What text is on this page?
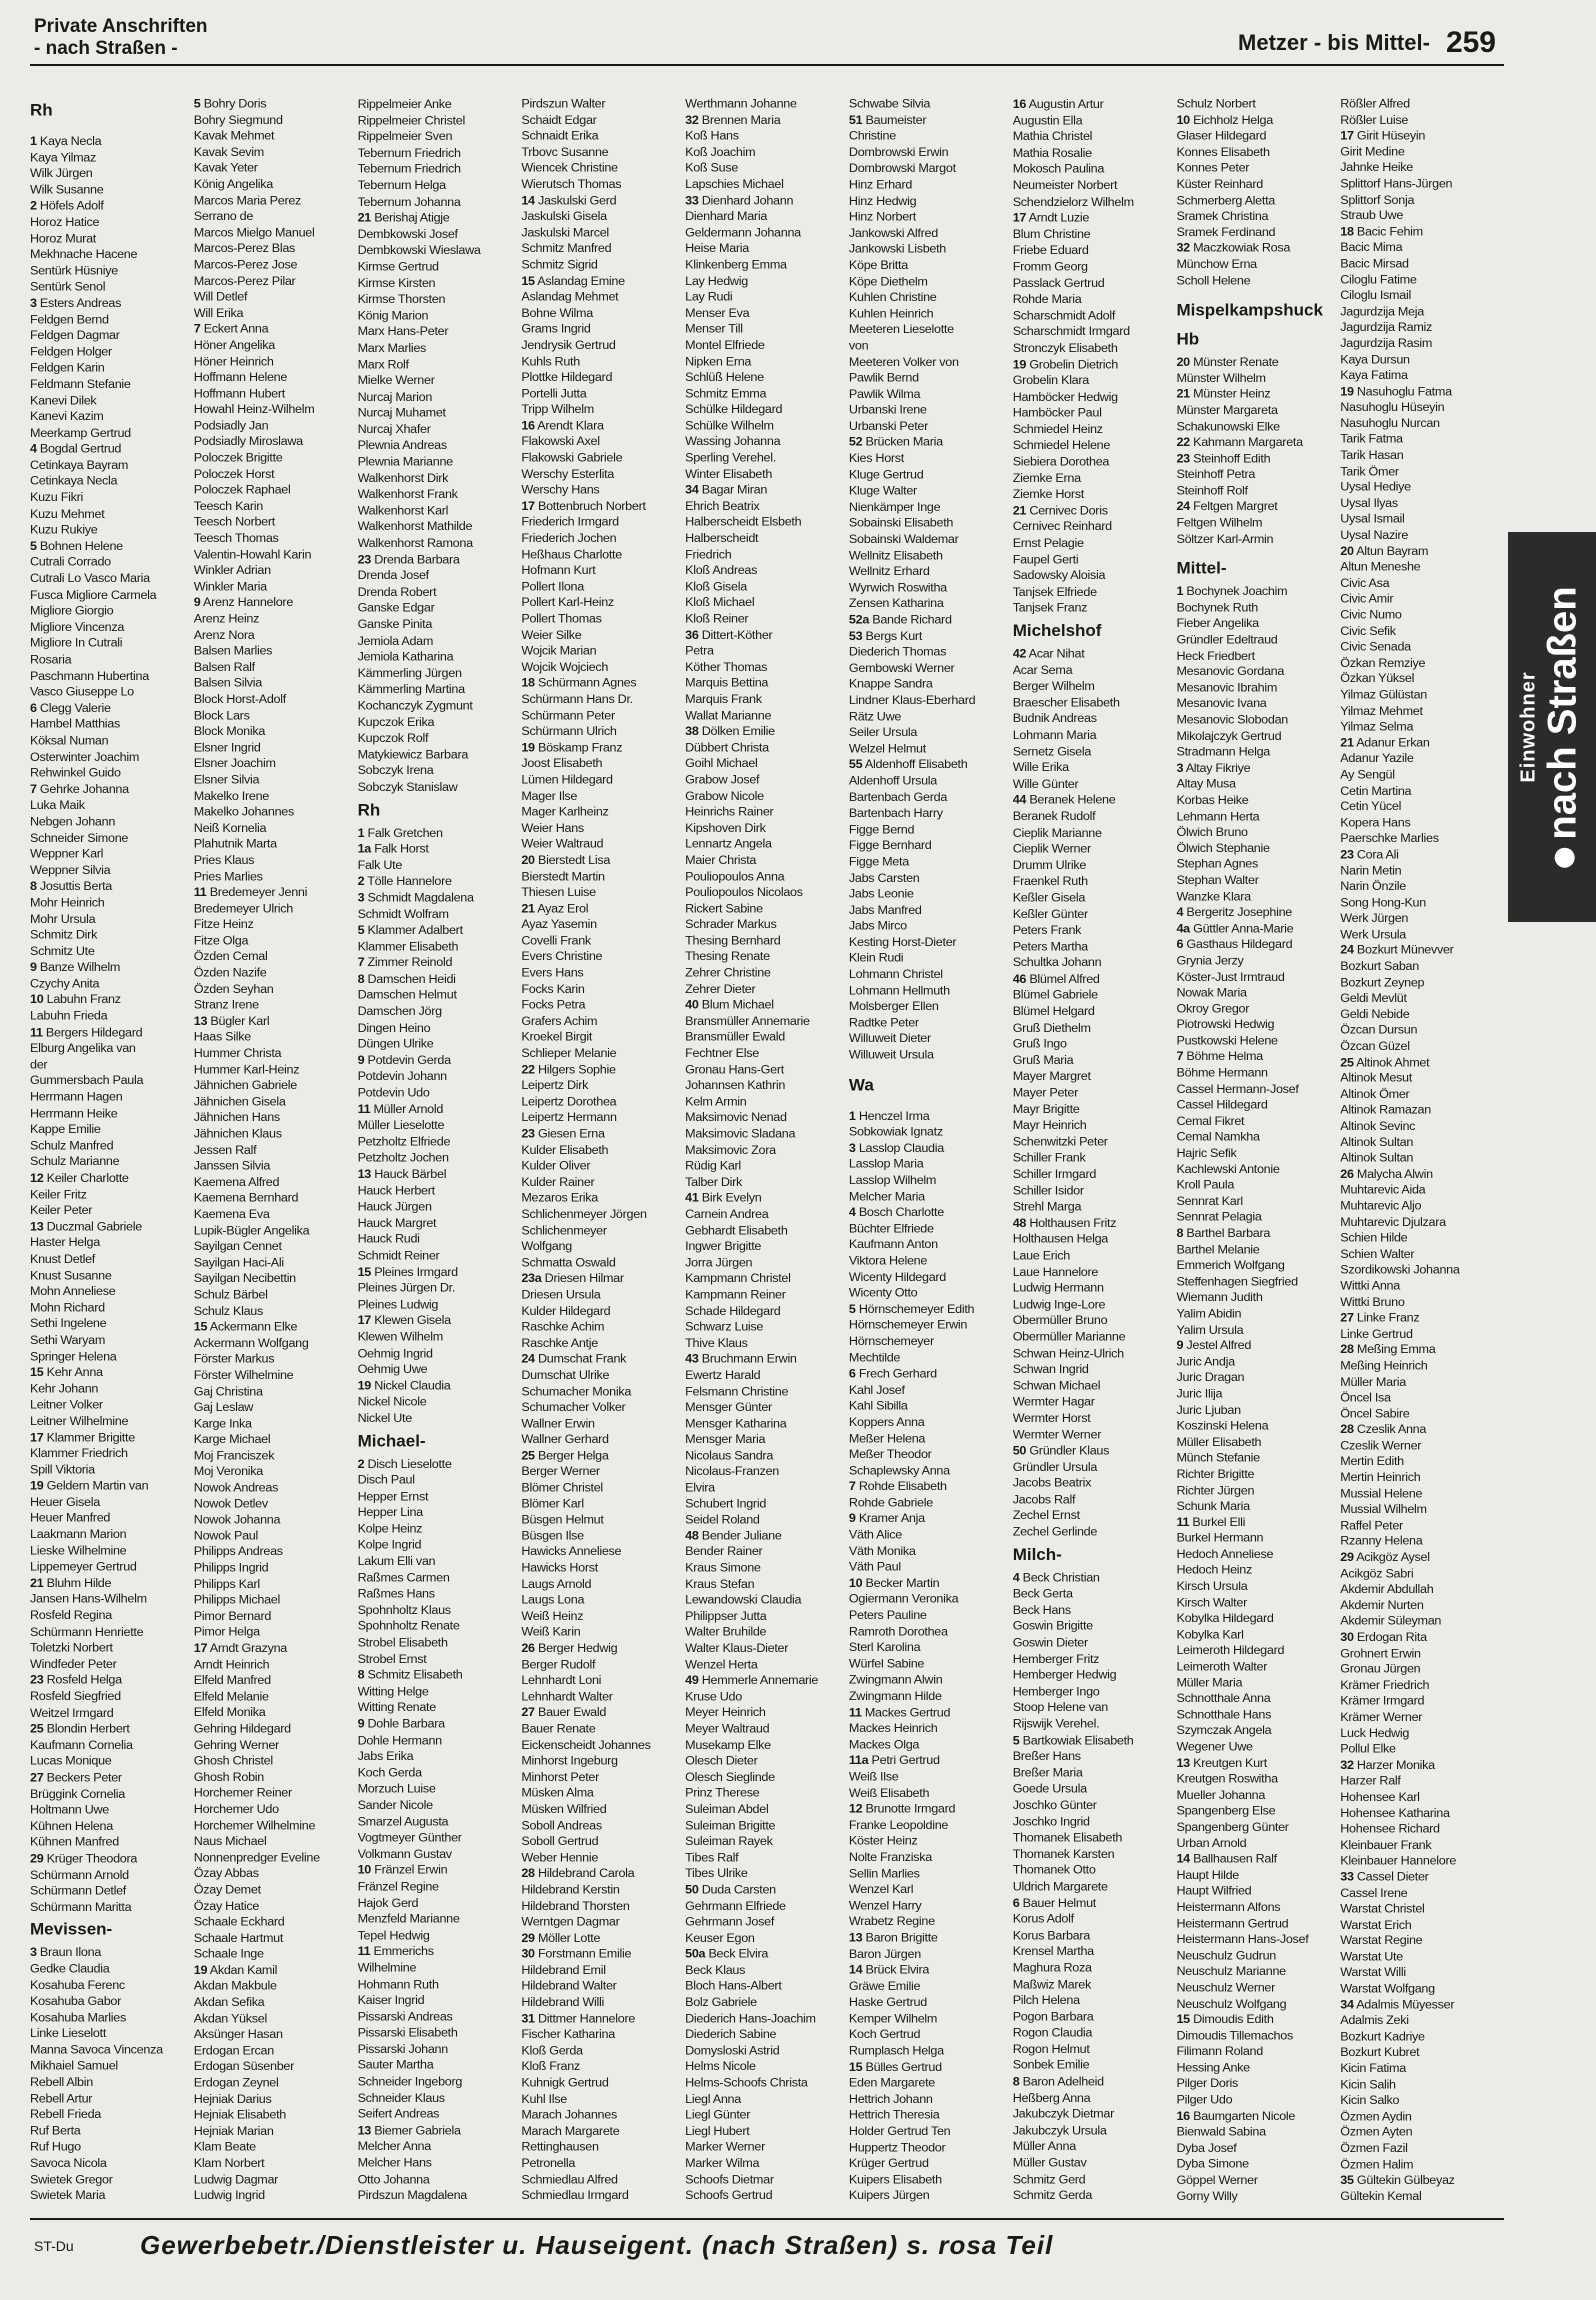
Private Anschriften
- nach Straßen -	Metzer - bis Mittel- 259
Rh
1 Kaya Necla
Kaya Yilmaz
Wilk Jürgen
Wilk Susanne
2 Höfels Adolf
Horoz Hatice
Horoz Murat
Mekhnache Hacene
Sentürk Hüsniye
Sentürk Senol
3 Esters Andreas
Feldgen Bernd
Feldgen Dagmar
Feldgen Holger
Feldgen Karin
Feldmann Stefanie
Kanevi Dilek
Kanevi Kazim
Meerkamp Gertrud
4 Bogdal Gertrud
Cetinkaya Bayram
Cetinkaya Necla
Kuzu Fikri
Kuzu Mehmet
Kuzu Rukiye
5 Bohnen Helene
Cutrali Corrado
Cutrali Lo Vasco Maria
Fusca Migliore Carmela
Migliore Giorgio
Migliore Vincenza
Migliore In Cutrali
Rosaria
Paschmann Hubertina
Vasco Giuseppe Lo
6 Clegg Valerie
Hambel Matthias
Köksal Numan
Osterwinter Joachim
Rehwinkel Guido
7 Gehrke Johanna
Luka Maik
Nebgen Johann
Schneider Simone
Weppner Karl
Weppner Silvia
8 Josuttis Berta
Mohr Heinrich
Mohr Ursula
Schmitz Dirk
Schmitz Ute
9 Banze Wilhelm
Czychy Anita
10 Labuhn Franz
Labuhn Frieda
11 Bergers Hildegard
Elburg Angelika van
der
Gummersbach Paula
Herrmann Hagen
Herrmann Heike
Kappe Emilie
Schulz Manfred
Schulz Marianne
12 Keiler Charlotte
Keiler Fritz
Keiler Peter
13 Duczmal Gabriele
Haster Helga
Knust Detlef
Knust Susanne
Mohn Anneliese
Mohn Richard
Sethi Ingelene
Sethi Waryam
Springer Helena
15 Kehr Anna
Kehr Johann
Leitner Volker
Leitner Wilhelmine
17 Klammer Brigitte
Klammer Friedrich
Spill Viktoria
19 Geldern Martin van
Heuer Gisela
Heuer Manfred
Laakmann Marion
Lieske Wilhelmine
Lippemeyer Gertrud
21 Bluhm Hilde
Jansen Hans-Wilhelm
Rosfeld Regina
Schürmann Henriette
Toletzki Norbert
Windfeder Peter
23 Rosfeld Helga
Rosfeld Siegfried
Weitzel Irmgard
25 Blondin Herbert
Kaufmann Cornelia
Lucas Monique
27 Beckers Peter
Brüggink Cornelia
Holtmann Uwe
Kühnen Helena
Kühnen Manfred
29 Krüger Theodora
Schürmann Arnold
Schürmann Detlef
Schürmann Maritta
Mevissen-
3 Braun Ilona
Gedke Claudia
Kosahuba Ferenc
Kosahuba Gabor
Kosahuba Marlies
Linke Lieselott
Manna Savoca Vincenza
Mikhaiel Samuel
Rebell Albin
Rebell Artur
Rebell Frieda
Ruf Berta
Ruf Hugo
Savoca Nicola
Swietek Gregor
Swietek Maria
5 Bohry Doris
Bohry Siegmund
Kavak Mehmet
Kavak Sevim
Kavak Yeter
König Angelika
Marcos Maria Perez
Serrano de
Marcos Mielgo Manuel
Marcos-Perez Blas
Marcos-Perez Jose
Marcos-Perez Pilar
Will Detlef
Will Erika
7 Eckert Anna
Höner Angelika
Höner Heinrich
Hoffmann Helene
Hoffmann Hubert
Howahl Heinz-Wilhelm
Podsiadly Jan
Podsiadly Miroslawa
Poloczek Brigitte
Poloczek Horst
Poloczek Raphael
Teesch Karin
Teesch Norbert
Teesch Thomas
Valentin-Howahl Karin
Winkler Adrian
Winkler Maria
9 Arenz Hannelore
Arenz Heinz
Arenz Nora
Balsen Marlies
Balsen Ralf
Balsen Silvia
Block Horst-Adolf
Block Lars
Block Monika
Elsner Ingrid
Elsner Joachim
Elsner Silvia
Makelko Irene
Makelko Johannes
Neiß Kornelia
Plahutnik Marta
Pries Klaus
Pries Marlies
11 Bredemeyer Jenni
Bredemeyer Ulrich
Fitze Heinz
Fitze Olga
Özden Cemal
Özden Nazife
Özden Seyhan
Stranz Irene
13 Bügler Karl
Haas Silke
Hummer Christa
Hummer Karl-Heinz
Jähnichen Gabriele
Jähnichen Gisela
Jähnichen Hans
Jähnichen Klaus
Jessen Ralf
Janssen Silvia
Kaemena Alfred
Kaemena Bernhard
Kaemena Eva
Lupik-Bügler Angelika
Sayilgan Cennet
Sayilgan Haci-Ali
Sayilgan Necibettin
Schulz Bärbel
Schulz Klaus
15 Ackermann Elke
Ackermann Wolfgang
Förster Markus
Förster Wilhelmine
Gaj Christina
Gaj Leslaw
Karge Inka
Karge Michael
Moj Franciszek
Moj Veronika
Nowok Andreas
Nowok Detlev
Nowok Johanna
Nowok Paul
Philipps Andreas
Philipps Ingrid
Philipps Karl
Philipps Michael
Pimor Bernard
Pimor Helga
17 Arndt Grazyna
Arndt Heinrich
Elfeld Manfred
Elfeld Melanie
Elfeld Monika
Gehring Hildegard
Gehring Werner
Ghosh Christel
Ghosh Robin
Horchemer Reiner
Horchemer Udo
Horchemer Wilhelmine
Naus Michael
Nonnenpredger Eveline
Özay Abbas
Özay Demet
Özay Hatice
Schaale Eckhard
Schaale Hartmut
Schaale Inge
19 Akdan Kamil
Akdan Makbule
Akdan Sefika
Akdan Yüksel
Aksünger Hasan
Erdogan Ercan
Erdogan Süsenber
Erdogan Zeynel
Hejniak Darius
Hejniak Elisabeth
Hejniak Marian
Klam Beate
Klam Norbert
Ludwig Dagmar
Ludwig Ingrid
Rippelmeier Anke
Rippelmeier Christel
Rippelmeier Sven
Tebernum Friedrich
Tebernum Friedrich
Tebernum Helga
Tebernum Johanna
21 Berishaj Atigje
Dembkowski Josef
Dembkowski Wieslawa
Kirmse Gertrud
Kirmse Kirsten
Kirmse Thorsten
König Marion
Marx Hans-Peter
Marx Marlies
Marx Rolf
Mielke Werner
Nurcaj Marion
Nurcaj Muhamet
Nurcaj Xhafer
Plewnia Andreas
Plewnia Marianne
Walkenhorst Dirk
Walkenhorst Frank
Walkenhorst Karl
Walkenhorst Mathilde
Walkenhorst Ramona
23 Drenda Barbara
Drenda Josef
Drenda Robert
Ganske Edgar
Ganske Pinita
Jemiola Adam
Jemiola Katharina
Kämmerling Jürgen
Kämmerling Martina
Kochanczyk Zygmunt
Kupczok Erika
Kupczok Rolf
Matykiewicz Barbara
Sobczyk Irena
Sobczyk Stanislaw
Rh
1 Falk Gretchen
1a Falk Horst
Falk Ute
2 Tölle Hannelore
3 Schmidt Magdalena
Schmidt Wolfram
5 Klammer Adalbert
Klammer Elisabeth
7 Zimmer Reinold
8 Damschen Heidi
Damschen Helmut
Damschen Jörg
Dingen Heino
Düngen Ulrike
9 Potdevin Gerda
Potdevin Johann
Potdevin Udo
11 Müller Arnold
Müller Lieselotte
Petzholtz Elfriede
Petzholtz Jochen
13 Hauck Bärbel
Hauck Herbert
Hauck Jürgen
Hauck Margret
Hauck Rudi
Schmidt Reiner
15 Pleines Irmgard
Pleines Jürgen Dr.
Pleines Ludwig
17 Klewen Gisela
Klewen Wilhelm
Oehmig Ingrid
Oehmig Uwe
19 Nickel Claudia
Nickel Nicole
Nickel Ute
Michael-
2 Disch Lieselotte
Disch Paul
Hepper Ernst
Hepper Lina
Kolpe Heinz
Kolpe Ingrid
Lakum Elli van
Raßmes Carmen
Raßmes Hans
Spohnholtz Klaus
Spohnholtz Renate
Strobel Elisabeth
Strobel Ernst
8 Schmitz Elisabeth
Witting Helge
Witting Renate
9 Dohle Barbara
Dohle Hermann
Jabs Erika
Koch Gerda
Morzuch Luise
Sander Nicole
Smarzel Augusta
Vogtmeyer Günther
Volkmann Gustav
10 Fränzel Erwin
Fränzel Regine
Hajok Gerd
Menzfeld Marianne
Tepel Hedwig
11 Emmerichs
Wilhelmine
Hohmann Ruth
Kaiser Ingrid
Pissarski Andreas
Pissarski Elisabeth
Pissarski Johann
Sauter Martha
Schneider Ingeborg
Schneider Klaus
Seifert Andreas
13 Biemer Gabriela
Melcher Anna
Melcher Hans
Otto Johanna
Pirdszun Magdalena
Pirdszun Walter
Schaidt Edgar
Schnaidt Erika
Trbovc Susanne
Wiencek Christine
Wierutsch Thomas
14 Jaskulski Gerd
Jaskulski Gisela
Jaskulski Marcel
Schmitz Manfred
Schmitz Sigrid
15 Aslandag Emine
Aslandag Mehmet
Bohne Wilma
Grams Ingrid
Jendrysik Gertrud
Kuhls Ruth
Plottke Hildegard
Portelli Jutta
Tripp Wilhelm
16 Arendt Klara
Flakowski Axel
Flakowski Gabriele
Werschy Esterlita
Werschy Hans
17 Bottenbruch Norbert
Friederich Irmgard
Friederich Jochen
Heßhaus Charlotte
Hofmann Kurt
Pollert Ilona
Pollert Karl-Heinz
Pollert Thomas
Weier Silke
Wojcik Marian
Wojcik Wojciech
18 Schürmann Agnes
Schürmann Hans Dr.
Schürmann Peter
Schürmann Ulrich
19 Böskamp Franz
Joost Elisabeth
Lümen Hildegard
Mager Ilse
Mager Karlheinz
Weier Hans
Weier Waltraud
20 Bierstedt Lisa
Bierstedt Martin
Thiesen Luise
21 Ayaz Erol
Ayaz Yasemin
Covelli Frank
Evers Christine
Evers Hans
Focks Karin
Focks Petra
Grafers Achim
Kroekel Birgit
Schlieper Melanie
22 Hilgers Sophie
Leipertz Dirk
Leipertz Dorothea
Leipertz Hermann
23 Giesen Erna
Kulder Elisabeth
Kulder Oliver
Kulder Rainer
Mezaros Erika
Schlichenmeyer Jörgen
Schlichenmeyer
Wolfgang
Schmatta Oswald
23a Driesen Hilmar
Driesen Ursula
Kulder Hildegard
Raschke Achim
Raschke Antje
24 Dumschat Frank
Dumschat Ulrike
Schumacher Monika
Schumacher Volker
Wallner Erwin
Wallner Gerhard
25 Berger Helga
Berger Werner
Blömer Christel
Blömer Karl
Büsgen Helmut
Büsgen Ilse
Hawicks Anneliese
Hawicks Horst
Laugs Arnold
Laugs Lona
Weiß Heinz
Weiß Karin
26 Berger Hedwig
Berger Rudolf
Lehnhardt Loni
Lehnhardt Walter
27 Bauer Ewald
Bauer Renate
Eickenscheidt Johannes
Minhorst Ingeburg
Minhorst Peter
Müsken Alma
Müsken Wilfried
Soboll Andreas
Soboll Gertrud
Weber Hennie
28 Hildebrand Carola
Hildebrand Kerstin
Hildebrand Thorsten
Werntgen Dagmar
29 Möller Lotte
30 Forstmann Emilie
Hildebrand Emil
Hildebrand Walter
Hildebrand Willi
31 Dittmer Hannelore
Fischer Katharina
Kloß Gerda
Kloß Franz
Kuhnigk Gertrud
Kuhl Ilse
Marach Johannes
Marach Margarete
Rettinghausen
Petronella
Schmiedlau Alfred
Schmiedlau Irmgard
Werthmann Johanne
32 Brennen Maria
Koß Hans
Koß Joachim
Koß Suse
Lapschies Michael
33 Dienhard Johann
Dienhard Maria
Geldermann Johanna
Heise Maria
Klinkenberg Emma
Lay Hedwig
Lay Rudi
Menser Eva
Menser Till
Montel Elfriede
Nipken Erna
Schlüß Helene
Schmitz Emma
Schülke Hildegard
Schülke Wilhelm
Wassing Johanna
Sperling Verehel.
Winter Elisabeth
34 Bagar Miran
Ehrich Beatrix
Halberscheidt Elsbeth
Halberscheidt
Friedrich
Kloß Andreas
Kloß Gisela
Kloß Michael
Kloß Reiner
36 Dittert-Köther
Petra
Köther Thomas
Marquis Bettina
Marquis Frank
Wallat Marianne
38 Dölken Emilie
Dübbert Christa
Goihl Michael
Grabow Josef
Grabow Nicole
Heinrichs Rainer
Kipshoven Dirk
Lennartz Angela
Maier Christa
Pouliopoulos Anna
Pouliopoulos Nicolaos
Rickert Sabine
Schrader Markus
Thesing Bernhard
Thesing Renate
Zehrer Christine
Zehrer Dieter
40 Blum Michael
Bransmüller Annemarie
Bransmüller Ewald
Fechtner Else
Gronau Hans-Gert
Johannsen Kathrin
Kelm Armin
Maksimovic Nenad
Maksimovic Sladana
Maksimovic Zora
Rüdig Karl
Talber Dirk
41 Birk Evelyn
Carnein Andrea
Gebhardt Elisabeth
Ingwer Brigitte
Jorra Jürgen
Kampmann Christel
Kampmann Reiner
Schade Hildegard
Schwarz Luise
Thive Klaus
43 Bruchmann Erwin
Ewertz Harald
Felsmann Christine
Mensger Günter
Mensger Katharina
Mensger Maria
Nicolaus Sandra
Nicolaus-Franzen
Elvira
Schubert Ingrid
Seidel Roland
48 Bender Juliane
Bender Rainer
Kraus Simone
Kraus Stefan
Lewandowski Claudia
Philippser Jutta
Walter Bruhilde
Walter Klaus-Dieter
Wenzel Herta
49 Hemmerle Annemarie
Kruse Udo
Meyer Heinrich
Meyer Waltraud
Musekamp Elke
Olesch Dieter
Olesch Sieglinde
Prinz Therese
Suleiman Abdel
Suleiman Brigitte
Suleiman Rayek
Tibes Ralf
Tibes Ulrike
50 Duda Carsten
Gehrmann Elfriede
Gehrmann Josef
Keuser Egon
50a Beck Elvira
Beck Klaus
Bloch Hans-Albert
Bolz Gabriele
Diederich Hans-Joachim
Diederich Sabine
Domysloski Astrid
Helms Nicole
Helms-Schoofs Christa
Liegl Anna
Liegl Günter
Liegl Hubert
Marker Werner
Marker Wilma
Schoofs Dietmar
Schoofs Gertrud
Schwabe Silvia
51 Baumeister
Christine
Dombrowski Erwin
Dombrowski Margot
Hinz Erhard
Hinz Hedwig
Hinz Norbert
Jankowski Alfred
Jankowski Lisbeth
Köpe Britta
Köpe Diethelm
Kuhlen Christine
Kuhlen Heinrich
Meeteren Lieselotte
von
Meeteren Volker von
Pawlik Bernd
Pawlik Wilma
Urbanski Irene
Urbanski Peter
52 Brücken Maria
Kies Horst
Kluge Gertrud
Kluge Walter
Nienkämper Inge
Sobainski Elisabeth
Sobainski Waldemar
Wellnitz Elisabeth
Wellnitz Erhard
Wyrwich Roswitha
Zensen Katharina
52a Bande Richard
53 Bergs Kurt
Diederich Thomas
Gembowski Werner
Knappe Sandra
Lindner Klaus-Eberhard
Rätz Uwe
Seiler Ursula
Welzel Helmut
55 Aldenhoff Elisabeth
Aldenhoff Ursula
Bartenbach Gerda
Bartenbach Harry
Figge Bernd
Figge Bernhard
Figge Meta
Jabs Carsten
Jabs Leonie
Jabs Manfred
Jabs Mirco
Kesting Horst-Dieter
Klein Rudi
Lohmann Christel
Lohmann Hellmuth
Molsberger Ellen
Radtke Peter
Willuweit Dieter
Willuweit Ursula
Wa
1 Henczel Irma
Sobkowiak Ignatz
3 Lasslop Claudia
Lasslop Maria
Lasslop Wilhelm
Melcher Maria
4 Bosch Charlotte
Büchter Elfriede
Kaufmann Anton
Viktora Helene
Wicenty Hildegard
Wicenty Otto
5 Hörnschemeyer Edith
Hörnschemeyer Erwin
Hörnschemeyer
Mechtilde
6 Frech Gerhard
Kahl Josef
Kahl Sibilla
Koppers Anna
Meßer Helena
Meßer Theodor
Schaplewsky Anna
7 Rohde Elisabeth
Rohde Gabriele
9 Kramer Anja
Väth Alice
Väth Monika
Väth Paul
10 Becker Martin
Ogiermann Veronika
Peters Pauline
Ramroth Dorothea
Sterl Karolina
Würfel Sabine
Zwingmann Alwin
Zwingmann Hilde
11 Mackes Gertrud
Mackes Heinrich
Mackes Olga
11a Petri Gertrud
Weiß Ilse
Weiß Elisabeth
12 Brunotte Irmgard
Franke Leopoldine
Köster Heinz
Nolte Franziska
Sellin Marlies
Wenzel Karl
Wenzel Harry
Wrabetz Regine
13 Baron Brigitte
Baron Jürgen
14 Brück Elvira
Gräwe Emilie
Haske Gertrud
Kemper Wilhelm
Koch Gertrud
Rumplasch Helga
15 Bülles Gertrud
Eden Margarete
Hettrich Johann
Hettrich Theresia
Holder Gertrud Ten
Huppertz Theodor
Krüger Gertrud
Kuipers Elisabeth
Kuipers Jürgen
16 Augustin Artur
Augustin Ella
Mathia Christel
Mathia Rosalie
Mokosch Paulina
Neumeister Norbert
Schendzielorz Wilhelm
17 Arndt Luzie
Blum Christine
Friebe Eduard
Fromm Georg
Passlack Gertrud
Rohde Maria
Scharschmidt Adolf
Scharschmidt Irmgard
Stronczyk Elisabeth
19 Grobelin Dietrich
Grobelin Klara
Hamböcker Hedwig
Hamböcker Paul
Schmiedel Heinz
Schmiedel Helene
Siebiera Dorothea
Ziemke Erna
Ziemke Horst
21 Cernivec Doris
Cernivec Reinhard
Ernst Pelagie
Faupel Gerti
Sadowsky Aloisia
Tanjsek Elfriede
Tanjsek Franz
Michelshof
42 Acar Nihat
Acar Sema
Berger Wilhelm
Braescher Elisabeth
Budnik Andreas
Lohmann Maria
Sernetz Gisela
Wille Erika
Wille Günter
44 Beranek Helene
Beranek Rudolf
Cieplik Marianne
Cieplik Werner
Drumm Ulrike
Fraenkel Ruth
Keßler Gisela
Keßler Günter
Peters Frank
Peters Martha
Schultka Johann
46 Blümel Alfred
Blümel Gabriele
Blümel Helgard
Gruß Diethelm
Gruß Ingo
Gruß Maria
Mayer Margret
Mayer Peter
Mayr Brigitte
Mayr Heinrich
Schenwitzki Peter
Schiller Frank
Schiller Irmgard
Schiller Isidor
Strehl Marga
48 Holthausen Fritz
Holthausen Helga
Laue Erich
Laue Hannelore
Ludwig Hermann
Ludwig Inge-Lore
Obermüller Bruno
Obermüller Marianne
Schwan Heinz-Ulrich
Schwan Ingrid
Schwan Michael
Wermter Hagar
Wermter Horst
Wermter Werner
50 Gründler Klaus
Gründler Ursula
Jacobs Beatrix
Jacobs Ralf
Zechel Ernst
Zechel Gerlinde
Milch-
4 Beck Christian
Beck Gerta
Beck Hans
Goswin Brigitte
Goswin Dieter
Hemberger Fritz
Hemberger Hedwig
Hemberger Ingo
Stoop Helene van
Rijswijk Verehel.
5 Bartkowiak Elisabeth
Breßer Hans
Breßer Maria
Goede Ursula
Joschko Günter
Joschko Ingrid
Thomanek Elisabeth
Thomanek Karsten
Thomanek Otto
Uldrich Margarete
6 Bauer Helmut
Korus Adolf
Korus Barbara
Krensel Martha
Maghura Roza
Maßwiz Marek
Pilch Helena
Pogon Barbara
Rogon Claudia
Rogon Helmut
Sonbek Emilie
8 Baron Adelheid
Heßberg Anna
Jakubczyk Dietmar
Jakubczyk Ursula
Müller Anna
Müller Gustav
Schmitz Gerd
Schmitz Gerda
Schulz Norbert
10 Eichholz Helga
Glaser Hildegard
Konnes Elisabeth
Konnes Peter
Küster Reinhard
Schmerberg Aletta
Sramek Christina
Sramek Ferdinand
32 Maczkowiak Rosa
Münchow Erna
Scholl Helene
Mispelkampshuck
Hb
20 Münster Renate
Münster Wilhelm
21 Münster Heinz
Münster Margareta
Schakunowski Elke
22 Kahmann Margareta
23 Steinhoff Edith
Steinhoff Petra
Steinhoff Rolf
24 Feltgen Margret
Feltgen Wilhelm
Söltzer Karl-Armin
Mittel-
1 Bochynek Joachim
Bochynek Ruth
Fieber Angelika
Gründler Edeltraud
Heck Friedbert
Mesanovic Gordana
Mesanovic Ibrahim
Mesanovic Ivana
Mesanovic Slobodan
Mikolajczyk Gertrud
Stradmann Helga
3 Altay Fikriye
Altay Musa
Korbas Heike
Lehmann Herta
Ölwich Bruno
Ölwich Stephanie
Stephan Agnes
Stephan Walter
Wanzke Klara
4 Bergeritz Josephine
4a Güttler Anna-Marie
6 Gasthaus Hildegard
Grynia Jerzy
Köster-Just Irmtraud
Nowak Maria
Okroy Gregor
Piotrowski Hedwig
Pustkowski Helene
7 Böhme Helma
Böhme Hermann
Cassel Hermann-Josef
Cassel Hildegard
Cemal Fikret
Cemal Namkha
Hajric Sefik
Kachlewski Antonie
Kroll Paula
Sennrat Karl
Sennrat Pelagia
8 Barthel Barbara
Barthel Melanie
Emmerich Wolfgang
Steffenhagen Siegfried
Wiemann Judith
Yalim Abidin
Yalim Ursula
9 Jestel Alfred
Juric Andja
Juric Dragan
Juric Ilija
Juric Ljuban
Koszinski Helena
Müller Elisabeth
Münch Stefanie
Richter Brigitte
Richter Jürgen
Schunk Maria
11 Burkel Elli
Burkel Hermann
Hedoch Anneliese
Hedoch Heinz
Kirsch Ursula
Kirsch Walter
Kobylka Hildegard
Kobylka Karl
Leimeroth Hildegard
Leimeroth Walter
Müller Maria
Schnotthale Anna
Schnotthale Hans
Szymczak Angela
Wegener Uwe
13 Kreutgen Kurt
Kreutgen Roswitha
Mueller Johanna
Spangenberg Else
Spangenberg Günter
Urban Arnold
14 Ballhausen Ralf
Haupt Hilde
Haupt Wilfried
Heistermann Alfons
Heistermann Gertrud
Heistermann Hans-Josef
Neuschulz Gudrun
Neuschulz Marianne
Neuschulz Werner
Neuschulz Wolfgang
15 Dimoudis Edith
Dimoudis Tillemachos
Filimann Roland
Hessing Anke
Pilger Doris
Pilger Udo
16 Baumgarten Nicole
Bienwald Sabina
Dyba Josef
Dyba Simone
Göppel Werner
Gorny Willy
Rößler Alfred
Rößler Luise
17 Girit Hüseyin
Girit Medine
Jahnke Heike
Splittorf Hans-Jürgen
Splittorf Sonja
Straub Uwe
18 Bacic Fehim
Bacic Mima
Bacic Mirsad
Ciloglu Fatime
Ciloglu Ismail
Jagurdzija Meja
Jagurdzija Ramiz
Jagurdzija Rasim
Kaya Dursun
Kaya Fatima
19 Nasuhoglu Fatma
Nasuhoglu Hüseyin
Nasuhoglu Nurcan
Tarik Fatma
Tarik Hasan
Tarik Ömer
Uysal Hediye
Uysal Ilyas
Uysal Ismail
Uysal Nazire
20 Altun Bayram
Altun Meneshe
Civic Asa
Civic Amir
Civic Numo
Civic Sefik
Civic Senada
Özkan Remziye
Özkan Yüksel
Yilmaz Gülüstan
Yilmaz Mehmet
Yilmaz Selma
21 Adanur Erkan
Adanur Yazile
Ay Sengül
Cetin Martina
Cetin Yücel
Kopera Hans
Paerschke Marlies
23 Cora Ali
Narin Metin
Narin Önzile
Song Hong-Kun
Werk Jürgen
Werk Ursula
24 Bozkurt Münevver
Bozkurt Saban
Bozkurt Zeynep
Geldi Mevlüt
Geldi Nebide
Özcan Dursun
Özcan Güzel
25 Altinok Ahmet
Altinok Mesut
Altinok Ömer
Altinok Ramazan
Altinok Sevinc
Altinok Sultan
Altinok Sultan
26 Malycha Alwin
Muhtarevic Aida
Muhtarevic Aljo
Muhtarevic Djulzara
Schien Hilde
Schien Walter
Szordikowski Johanna
Wittki Anna
Wittki Bruno
27 Linke Franz
Linke Gertrud
28 Meßing Emma
Meßing Heinrich
Müller Maria
Öncel Isa
Öncel Sabire
28 Czeslik Anna
Czeslik Werner
Mertin Edith
Mertin Heinrich
Mussial Helene
Mussial Wilhelm
Raffel Peter
Rzanny Helena
29 Acikgöz Aysel
Acikgöz Sabri
Akdemir Abdullah
Akdemir Nurten
Akdemir Süleyman
30 Erdogan Rita
Grohnert Erwin
Gronau Jürgen
Krämer Friedrich
Krämer Irmgard
Krämer Werner
Luck Hedwig
Pollul Elke
32 Harzer Monika
Harzer Ralf
Hohensee Karl
Hohensee Katharina
Hohensee Richard
Kleinbauer Frank
Kleinbauer Hannelore
33 Cassel Dieter
Cassel Irene
Warstat Christel
Warstat Erich
Warstat Regine
Warstat Ute
Warstat Willi
Warstat Wolfgang
34 Adalmis Müyesser
Adalmis Zeki
Bozkurt Kadriye
Bozkurt Kubret
Kicin Fatima
Kicin Salih
Kicin Salko
Özmen Aydin
Özmen Ayten
Özmen Fazil
Özmen Halim
35 Gültekin Gülbeyaz
Gültekin Kemal
Einwohner nach Straßen
ST-Du	Gewerbebetr./Dienstleister u. Hauseigent. (nach Straßen) s. rosa Teil
